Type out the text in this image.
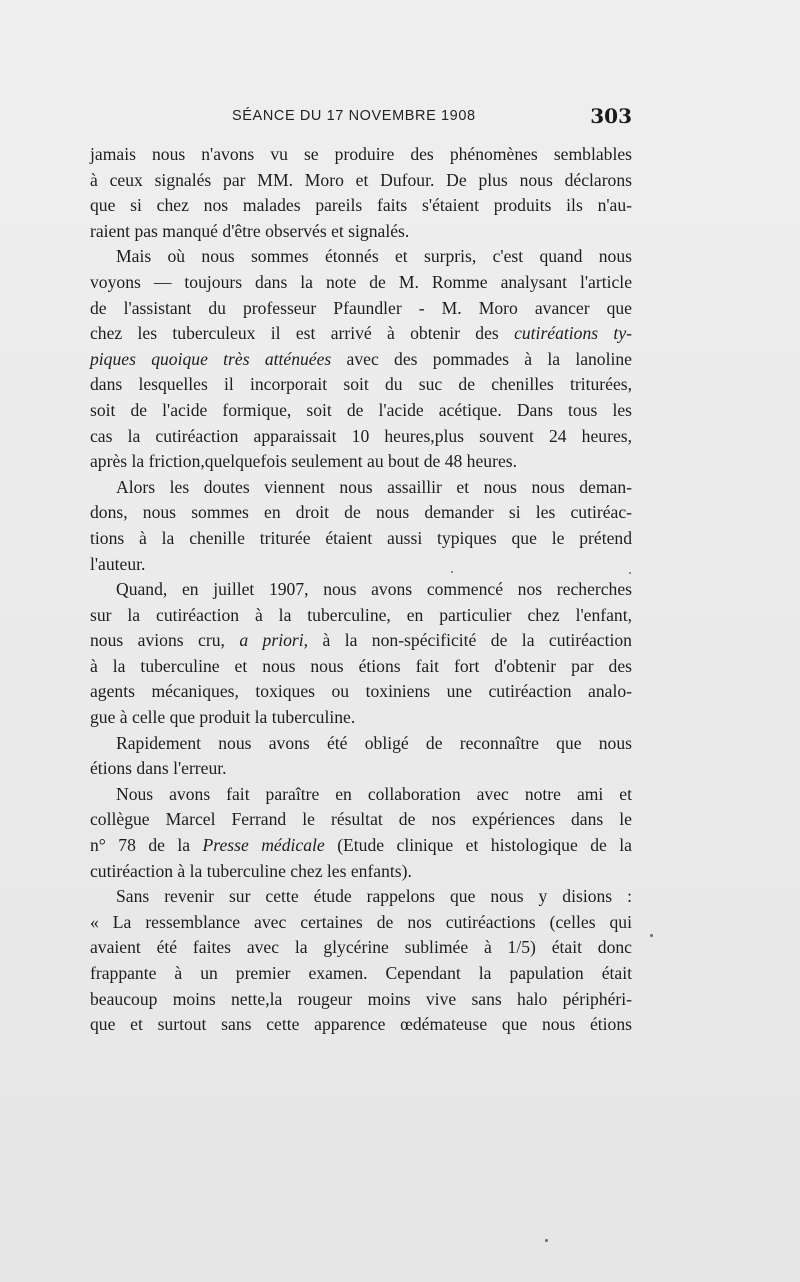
SÉANCE DU 17 NOVEMBRE 1908	303
jamais nous n'avons vu se produire des phénomènes semblables
à ceux signalés par MM. Moro et Dufour. De plus nous déclarons
que si chez nos malades pareils faits s'étaient produits ils n'au-
raient pas manqué d'être observés et signalés.
Mais où nous sommes étonnés et surpris, c'est quand nous
voyons — toujours dans la note de M. Romme analysant l'article
de l'assistant du professeur Pfaundler - M. Moro avancer que
chez les tuberculeux il est arrivé à obtenir des cutiréations ty-
piques quoique très atténuées avec des pommades à la lanoline
dans lesquelles il incorporait soit du suc de chenilles triturées,
soit de l'acide formique, soit de l'acide acétique. Dans tous les
cas la cutiréaction apparaissait 10 heures,plus souvent 24 heures,
après la friction,quelquefois seulement au bout de 48 heures.
Alors les doutes viennent nous assaillir et nous nous deman-
dons, nous sommes en droit de nous demander si les cutiréac-
tions à la chenille triturée étaient aussi typiques que le prétend
l'auteur.
Quand, en juillet 1907, nous avons commencé nos recherches
sur la cutiréaction à la tuberculine, en particulier chez l'enfant,
nous avions cru, a priori, à la non-spécificité de la cutiréaction
à la tuberculine et nous nous étions fait fort d'obtenir par des
agents mécaniques, toxiques ou toxiniens une cutiréaction analo-
gue à celle que produit la tuberculine.
Rapidement nous avons été obligé de reconnaître que nous
étions dans l'erreur.
Nous avons fait paraître en collaboration avec notre ami et
collègue Marcel Ferrand le résultat de nos expériences dans le
n° 78 de la Presse médicale (Etude clinique et histologique de la
cutiréaction à la tuberculine chez les enfants).
Sans revenir sur cette étude rappelons que nous y disions :
« La ressemblance avec certaines de nos cutiréactions (celles qui
avaient été faites avec la glycérine sublimée à 1/5) était donc
frappante à un premier examen. Cependant la papulation était
beaucoup moins nette,la rougeur moins vive sans halo périphéri-
que et surtout sans cette apparence œdémateuse que nous étions
